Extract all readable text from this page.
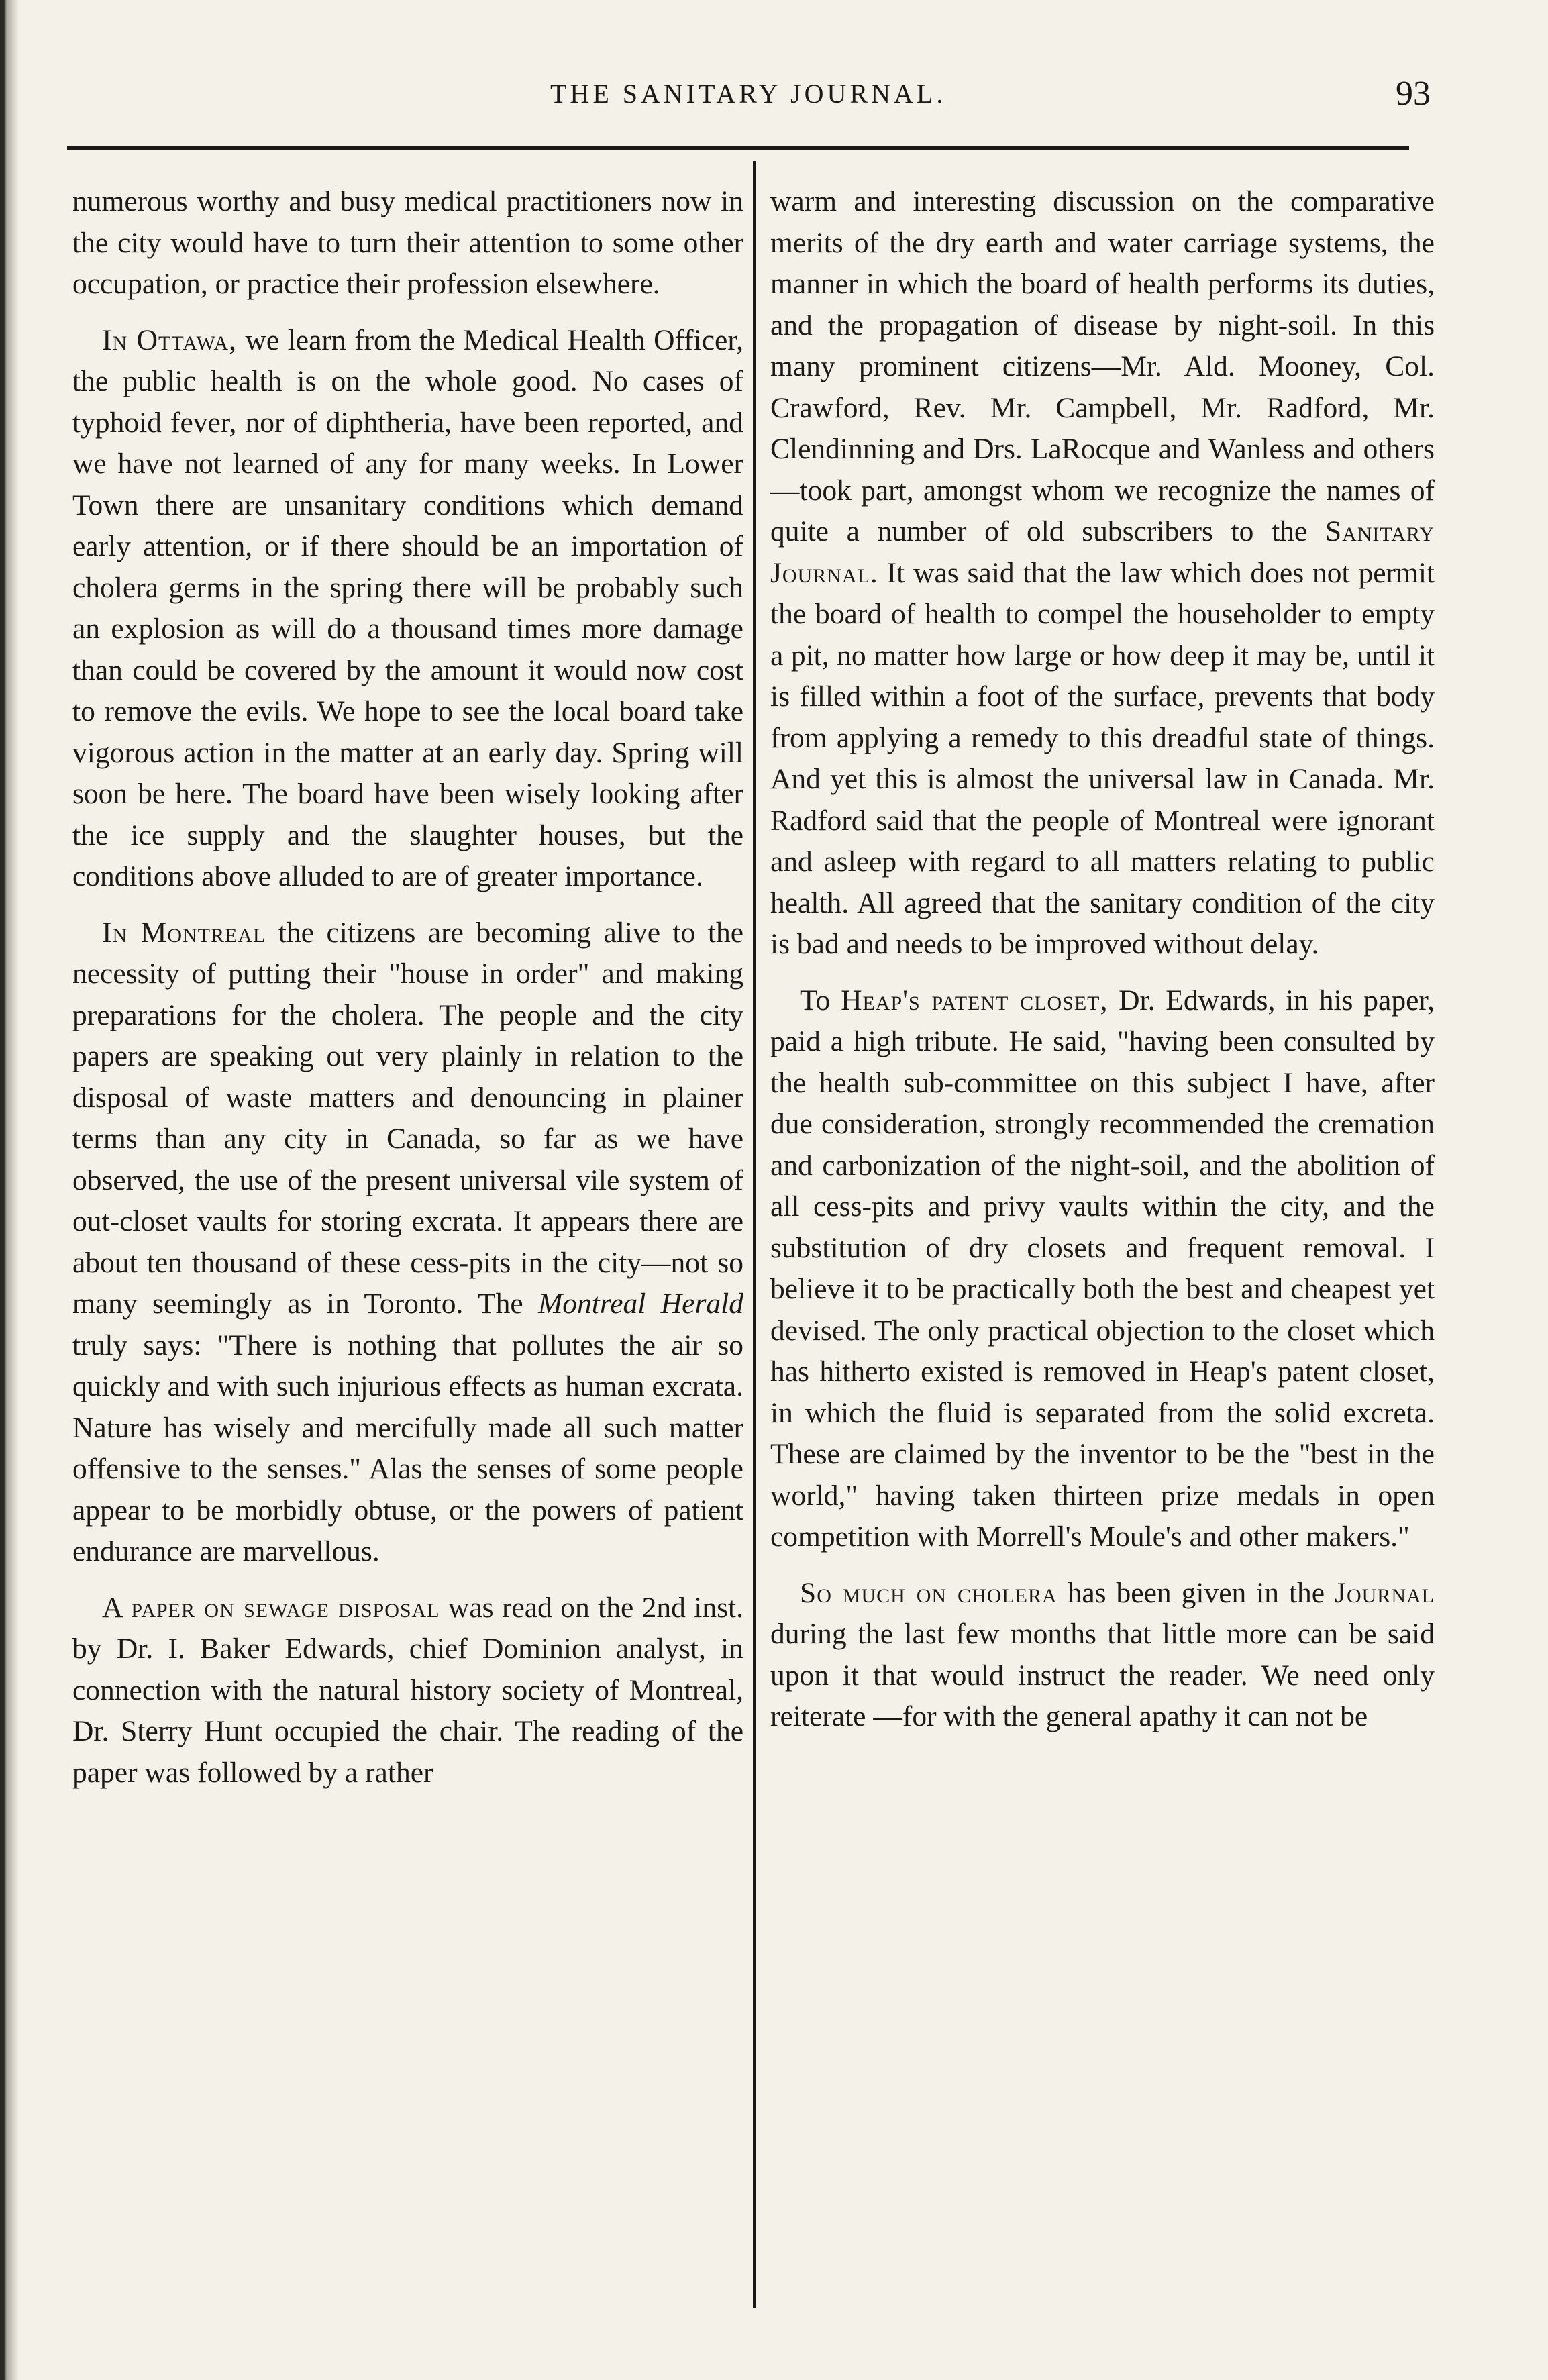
THE SANITARY JOURNAL.	93

numerous worthy and busy medical practitioners now in the city would have to turn their attention to some other occupation, or practice their profession elsewhere.

In Ottawa, we learn from the Medical Health Officer, the public health is on the whole good. No cases of typhoid fever, nor of diphtheria, have been reported, and we have not learned of any for many weeks. In Lower Town there are unsanitary conditions which demand early attention, or if there should be an importation of cholera germs in the spring there will be probably such an explosion as will do a thousand times more damage than could be covered by the amount it would now cost to remove the evils. We hope to see the local board take vigorous action in the matter at an early day. Spring will soon be here. The board have been wisely looking after the ice supply and the slaughter houses, but the conditions above alluded to are of greater importance.

In Montreal the citizens are becoming alive to the necessity of putting their "house in order" and making preparations for the cholera. The people and the city papers are speaking out very plainly in relation to the disposal of waste matters and denouncing in plainer terms than any city in Canada, so far as we have observed, the use of the present universal vile system of out-closet vaults for storing excrata. It appears there are about ten thousand of these cess-pits in the city—not so many seemingly as in Toronto. The Montreal Herald truly says: "There is nothing that pollutes the air so quickly and with such injurious effects as human excrata. Nature has wisely and mercifully made all such matter offensive to the senses." Alas the senses of some people appear to be morbidly obtuse, or the powers of patient endurance are marvellous.

A paper on sewage disposal was read on the 2nd inst. by Dr. I. Baker Edwards, chief Dominion analyst, in connection with the natural history society of Montreal, Dr. Sterry Hunt occupied the chair. The reading of the paper was followed by a rather

warm and interesting discussion on the comparative merits of the dry earth and water carriage systems, the manner in which the board of health performs its duties, and the propagation of disease by night-soil. In this many prominent citizens—Mr. Ald. Mooney, Col. Crawford, Rev. Mr. Campbell, Mr. Radford, Mr. Clendinning and Drs. LaRocque and Wanless and others—took part, amongst whom we recognize the names of quite a number of old subscribers to the Sanitary Journal. It was said that the law which does not permit the board of health to compel the householder to empty a pit, no matter how large or how deep it may be, until it is filled within a foot of the surface, prevents that body from applying a remedy to this dreadful state of things. And yet this is almost the universal law in Canada. Mr. Radford said that the people of Montreal were ignorant and asleep with regard to all matters relating to public health. All agreed that the sanitary condition of the city is bad and needs to be improved without delay.

To Heap's patent closet, Dr. Edwards, in his paper, paid a high tribute. He said, "having been consulted by the health sub-committee on this subject I have, after due consideration, strongly recommended the cremation and carbonization of the night-soil, and the abolition of all cess-pits and privy vaults within the city, and the substitution of dry closets and frequent removal. I believe it to be practically both the best and cheapest yet devised. The only practical objection to the closet which has hitherto existed is removed in Heap's patent closet, in which the fluid is separated from the solid excreta. These are claimed by the inventor to be the "best in the world," having taken thirteen prize medals in open competition with Morrell's Moule's and other makers."

So much on cholera has been given in the Journal during the last few months that little more can be said upon it that would instruct the reader. We need only reiterate —for with the general apathy it can not be
